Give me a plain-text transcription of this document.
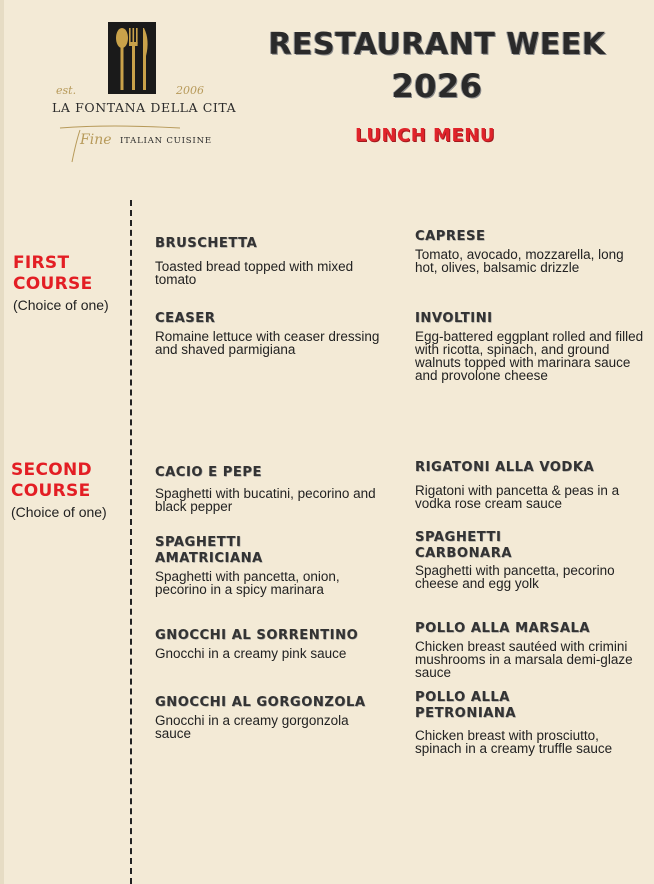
est.	2006
LA FONTANA DELLA CITA
Fine ITALIAN CUISINE
RESTAURANT WEEK
2026
LUNCH MENU
FIRST
COURSE
(Choice of one)
BRUSCHETTA
Toasted bread topped with mixed tomato
CAPRESE
Tomato, avocado, mozzarella, long hot, olives, balsamic drizzle
CEASER
Romaine lettuce with ceaser dressing and shaved parmigiana
INVOLTINI
Egg-battered eggplant rolled and filled with ricotta, spinach, and ground walnuts topped with marinara sauce and provolone cheese
SECOND
COURSE
(Choice of one)
CACIO E PEPE
Spaghetti with bucatini, pecorino and black pepper
RIGATONI ALLA VODKA
Rigatoni with pancetta & peas in a vodka rose cream sauce
SPAGHETTI AMATRICIANA
Spaghetti with pancetta, onion, pecorino in a spicy marinara
SPAGHETTI CARBONARA
Spaghetti with pancetta, pecorino cheese and egg yolk
GNOCCHI AL SORRENTINO
Gnocchi in a creamy pink sauce
POLLO ALLA MARSALA
Chicken breast sautéed with crimini mushrooms in a marsala demi-glaze sauce
GNOCCHI AL GORGONZOLA
Gnocchi in a creamy gorgonzola sauce
POLLO ALLA PETRONIANA
Chicken breast with prosciutto, spinach in a creamy truffle sauce
